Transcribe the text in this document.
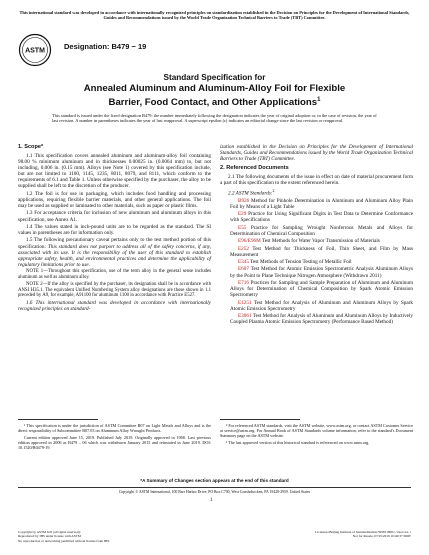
This international standard was developed in accordance with internationally recognized principles on standardization established in the Decision on Principles for the Development of International Standards, Guides and Recommendations issued by the World Trade Organization Technical Barriers to Trade (TBT) Committee.
ASTM	Designation: B479 − 19
Standard Specification for
Annealed Aluminum and Aluminum-Alloy Foil for Flexible
Barrier, Food Contact, and Other Applications$^1$
This standard is issued under the fixed designation B479; the number immediately following the designation indicates the year of original adoption or, in the case of revision, the year of last revision. A number in parentheses indicates the year of last reapproval. A superscript epsilon (ε) indicates an editorial change since the last revision or reapproval.

1. Scope*

1.1 This specification covers annealed aluminum and aluminum-alloy foil containing 98.00 % minimum aluminum and in thicknesses 0.00025 in. (0.0064 mm) to, but not including, 0.006 in. (0.15 mm). Alloys (see Note 1) covered by this specification include, but are not limited to 1100, 1145, 1235, 8011, 8079, and 8111, which conform to the requirements of 6.1 and Table 1. Unless otherwise specified by the purchaser, the alloy to be supplied shall be left to the discretion of the producer.

1.2 The foil is for use in packaging, which includes food handling and processing applications, requiring flexible barrier materials, and other general applications. The foil may be used as supplied or laminated to other materials, such as paper or plastic films.

1.3 For acceptance criteria for inclusion of new aluminum and aluminum alloys in this specification, see Annex A1.

1.4 The values stated in inch-pound units are to be regarded as the standard. The SI values in parentheses are for information only.

1.5 The following precautionary caveat pertains only to the test method portion of this specification: This standard does not purport to address all of the safety concerns, if any, associated with its use. It is the responsibility of the user of this standard to establish appropriate safety, health, and environmental practices and determine the applicability of regulatory limitations prior to use.

NOTE 1—Throughout this specification, use of the term alloy in the general sense includes aluminum as well as aluminum alloy.

NOTE 2—If the alloy is specified by the purchaser, its designation shall be in accordance with ANSI H35.1. The equivalent Unified Numbering System alloy designations are those shown in 1.1 preceded by A9, for example, A91100 for aluminum 1100 in accordance with Practice E527.

1.6 This international standard was developed in accordance with internationally recognized principles on standard-

ization established in the Decision on Principles for the Development of International Standards, Guides and Recommendations issued by the World Trade Organization Technical Barriers to Trade (TBT) Committee.

2. Referenced Documents

2.1 The following documents of the issue in effect on date of material procurement form a part of this specification to the extent referenced herein.

2.2 ASTM Standards:$^2$

B926 Method for Pinhole Determination in Aluminum and Aluminum Alloy Plain Foil by Means of a Light Table

E29 Practice for Using Significant Digits in Test Data to Determine Conformance with Specifications

E55 Practice for Sampling Wrought Nonferrous Metals and Alloys for Determination of Chemical Composition

E96/E96M Test Methods for Water Vapor Transmission of Materials

E252 Test Method for Thickness of Foil, Thin Sheet, and Film by Mass Measurement

E345 Test Methods of Tension Testing of Metallic Foil

E607 Test Method for Atomic Emission Spectrometric Analysis Aluminum Alloys by the Point to Plane Technique Nitrogen Atmosphere (Withdrawn 2011)

E716 Practices for Sampling and Sample Preparation of Aluminum and Aluminum Alloys for Determination of Chemical Composition by Spark Atomic Emission Spectrometry

E1251 Test Method for Analysis of Aluminum and Aluminum Alloys by Spark Atomic Emission Spectrometry

E3061 Test Method for Analysis of Aluminum and Aluminum Alloys by Inductively Coupled Plasma Atomic Emission Spectrometry (Performance Based Method)

¹ This specification is under the jurisdiction of ASTM Committee B07 on Light Metals and Alloys and is the direct responsibility of Subcommittee B07.03 on Aluminum Alloy Wrought Products.

Current edition approved June 15, 2019. Published July 2019. Originally approved in 1968. Last previous edition approved in 2006 as B479 – 06 which was withdrawn January 2015 and reinstated in June 2019. DOI: 10.1520/B0479-19.

² For referenced ASTM standards, visit the ASTM website, www.astm.org, or contact ASTM Customer Service at service@astm.org. For Annual Book of ASTM Standards volume information, refer to the standard's Document Summary page on the ASTM website.

³ The last approved version of this historical standard is referenced on www.astm.org.

*A Summary of Changes section appears at the end of this standard
Copyright © ASTM International, 100 Barr Harbor Drive, PO Box C700, West Conshohocken, PA 19428-2959. United States
1
Copyright by ASTM Int'l (all rights reserved);
Reproduced by IHS under license with ASTM
No reproduction or networking permitted without license from IHS
Licensee=Beijing Institute of Standardization/5958118001, User=xx, r
Not for Resale, 07/25/2019 10:40:37 MDT
